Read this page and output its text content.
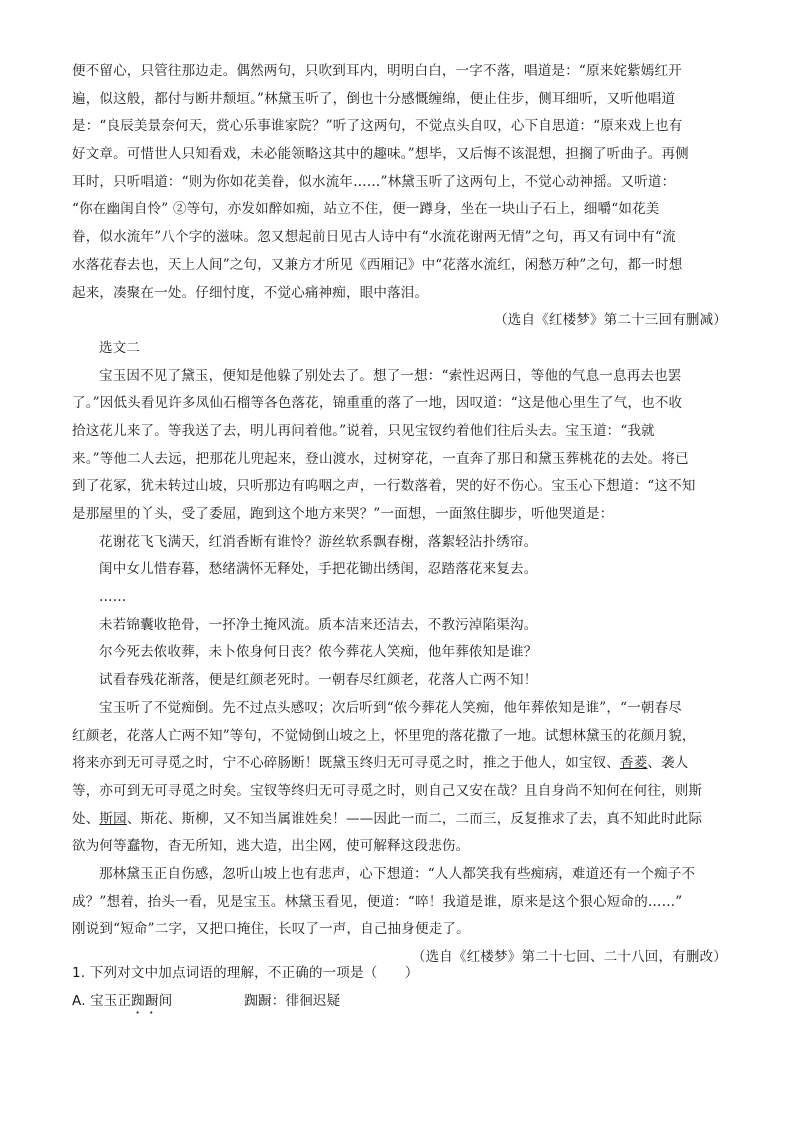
便不留心，只管往那边走。偶然两句，只吹到耳内，明明白白，一字不落，唱道是：“原来姹紫嫣红开
遍，似这般，都付与断井颓垣。”林黛玉听了，倒也十分感慨缠绵，便止住步，侧耳细听，又听他唱道
是：“良辰美景奈何天，赏心乐事谁家院？”听了这两句，不觉点头自叹，心下自思道：“原来戏上也有
好文章。可惜世人只知看戏，未必能领略这其中的趣味。”想毕，又后悔不该混想，担搁了听曲子。再侧
耳时，只听唱道：“则为你如花美眷，似水流年……”林黛玉听了这两句上，不觉心动神摇。又听道：
“你在幽闺自怜” ②等句，亦发如醉如痴，站立不住，便一蹲身，坐在一块山子石上，细嚼“如花美
眷，似水流年”八个字的滋味。忽又想起前日见古人诗中有“水流花谢两无情”之句，再又有词中有“流
水落花春去也，天上人间”之句，又兼方才所见《西厢记》中“花落水流红，闲愁万种”之句，都一时想
起来，凑聚在一处。仔细忖度，不觉心痛神痴，眼中落泪。
（选自《红楼梦》第二十三回有删减）
选文二
宝玉因不见了黛玉，便知是他躲了别处去了。想了一想：“索性迟两日，等他的气息一息再去也罢
了。”因低头看见许多凤仙石榴等各色落花，锦重重的落了一地，因叹道：“这是他心里生了气，也不收
拾这花儿来了。等我送了去，明儿再问着他。”说着，只见宝钗约着他们往后头去。宝玉道：“我就
来。”等他二人去远，把那花儿兜起来，登山渡水，过树穿花，一直奔了那日和黛玉葬桃花的去处。将已
到了花冢，犹未转过山坡，只听那边有呜咽之声，一行数落着，哭的好不伤心。宝玉心下想道：“这不知
是那屋里的丫头，受了委屈，跑到这个地方来哭？”一面想，一面煞住脚步，听他哭道是：
花谢花飞飞满天，红消香断有谁怜？游丝软系飘春榭，落絮轻沾扑绣帘。
闺中女儿惜春暮，愁绪满怀无释处，手把花锄出绣闺，忍踏落花来复去。
……
未若锦囊收艳骨，一抔净土掩风流。质本洁来还洁去，不教污淖陷渠沟。
尔今死去侬收葬，未卜侬身何日丧？侬今葬花人笑痴，他年葬侬知是谁？
试看春残花渐落，便是红颜老死时。一朝春尽红颜老，花落人亡两不知！
宝玉听了不觉痴倒。先不过点头感叹；次后听到“侬今葬花人笑痴，他年葬侬知是谁”，“一朝春尽
红颜老，花落人亡两不知”等句，不觉恸倒山坡之上，怀里兜的落花撒了一地。试想林黛玉的花颜月貌，
将来亦到无可寻觅之时，宁不心碎肠断！既黛玉终归无可寻觅之时，推之于他人，如宝钗、香菱、袭人
等，亦可到无可寻觅之时矣。宝钗等终归无可寻觅之时，则自己又安在哉？且自身尚不知何在何往，则斯
处、斯园、斯花、斯柳，又不知当属谁姓矣！——因此一而二，二而三，反复推求了去，真不知此时此际
欲为何等蠢物，杳无所知，逃大造，出尘网，使可解释这段悲伤。
那林黛玉正自伤感，忽听山坡上也有悲声，心下想道：“人人都笑我有些痴病，难道还有一个痴子不
成？”想着，抬头一看，见是宝玉。林黛玉看见，便道：“啐！我道是谁，原来是这个狠心短命的……”
刚说到“短命”二字，又把口掩住，长叹了一声，自己抽身便走了。
（选自《红楼梦》第二十七回、二十八回，有删改）
1. 下列对文中加点词语的理解，不正确的一项是（　　）
A. 宝玉正踟蹰间	踟蹰：徘徊迟疑
